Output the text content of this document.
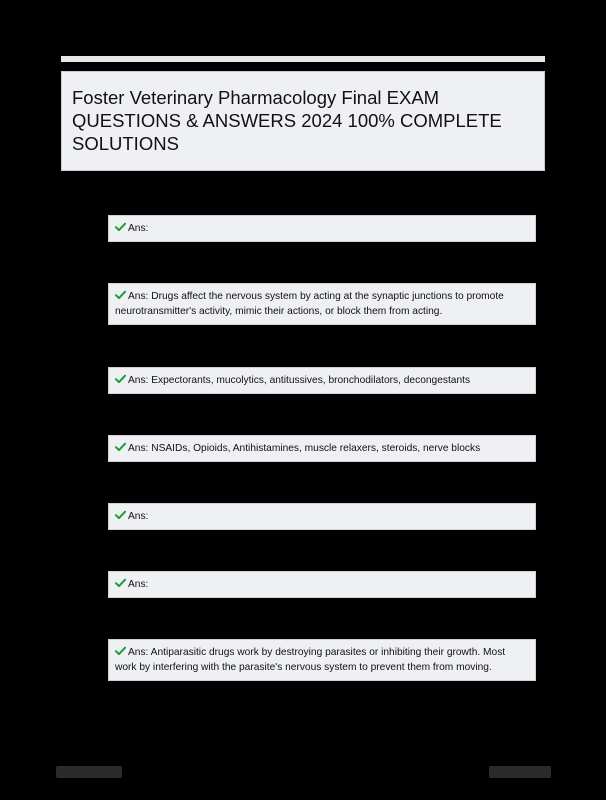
Foster Veterinary Pharmacology Final EXAM QUESTIONS & ANSWERS 2024 100% COMPLETE SOLUTIONS
Ans:
Ans: Drugs affect the nervous system by acting at the synaptic junctions to promote neurotransmitter's activity, mimic their actions, or block them from acting.
Ans: Expectorants, mucolytics, antitussives, bronchodilators, decongestants
Ans: NSAIDs, Opioids, Antihistamines, muscle relaxers, steroids, nerve blocks
Ans:
Ans:
Ans: Antiparasitic drugs work by destroying parasites or inhibiting their growth. Most work by interfering with the parasite's nervous system to prevent them from moving.
